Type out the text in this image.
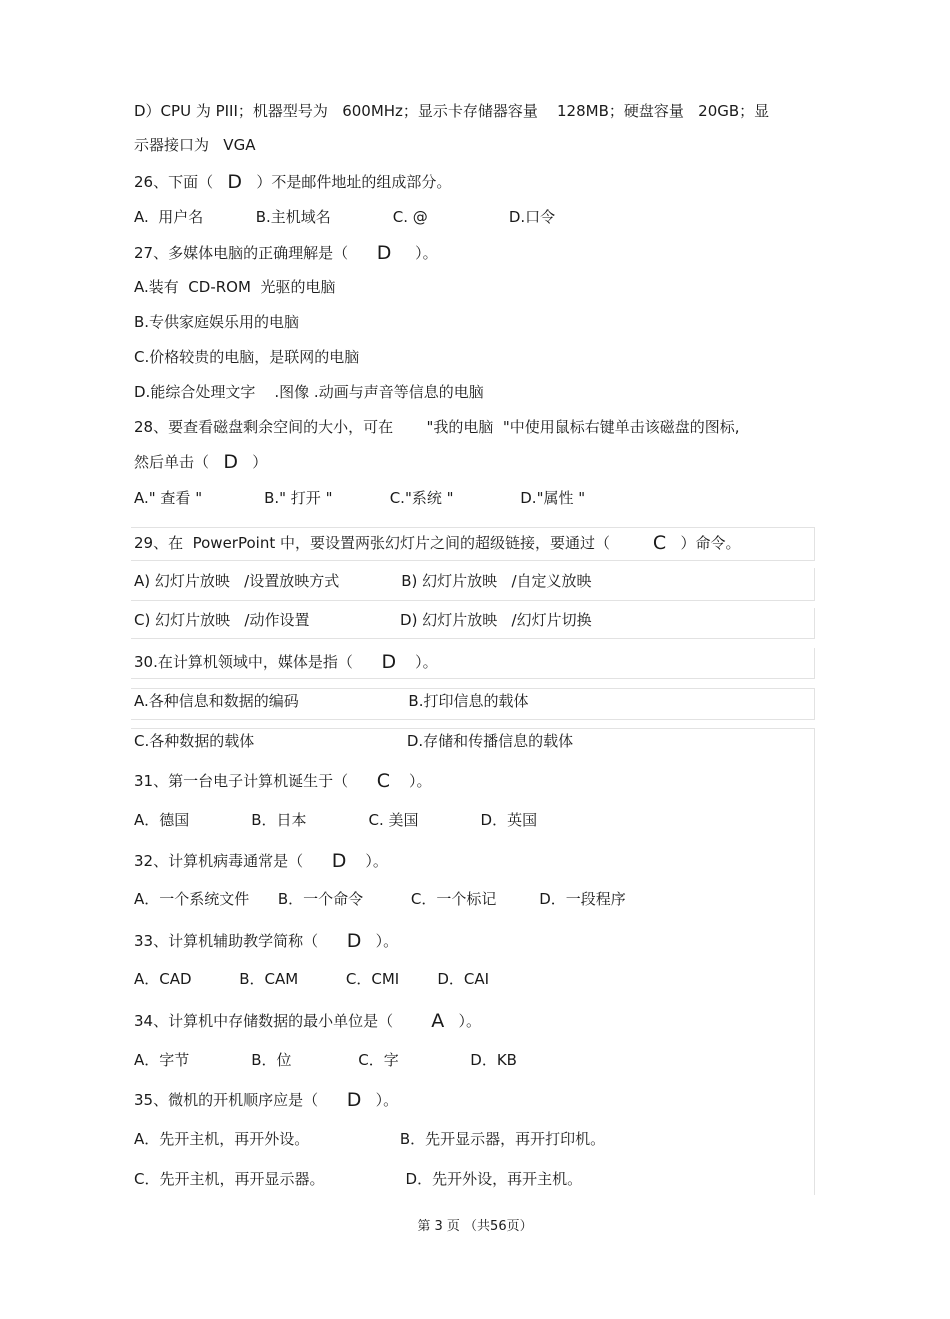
D）CPU 为 PIII；机器型号为   600MHz；显示卡存储器容量    128MB；硬盘容量   20GB；显
示器接口为   VGA
26、下面（   D   ）不是邮件地址的组成部分。
A.  用户名           B.主机域名             C. @                 D.口令
27、多媒体电脑的正确理解是（      D     ）。
A.装有  CD-ROM  光驱的电脑
B.专供家庭娱乐用的电脑
C.价格较贵的电脑，是联网的电脑
D.能综合处理文字    .图像 .动画与声音等信息的电脑
28、要查看磁盘剩余空间的大小，可在       "我的电脑  "中使用鼠标右键单击该磁盘的图标,
然后单击（   D   ）
A." 查看 "             B." 打开 "            C."系统 "              D."属性 "
29、在  PowerPoint 中，要设置两张幻灯片之间的超级链接，要通过（         C   ）命令。
A) 幻灯片放映   /设置放映方式             B) 幻灯片放映   /自定义放映
C) 幻灯片放映   /动作设置                   D) 幻灯片放映   /幻灯片切换
30.在计算机领域中，媒体是指（      D    ）。
A.各种信息和数据的编码                       B.打印信息的载体
C.各种数据的载体                                D.存储和传播信息的载体
31、第一台电子计算机诞生于（      C    ）。
A．德国             B．日本             C. 美国             D．英国
32、计算机病毒通常是（      D    ）。
A．一个系统文件      B．一个命令          C．一个标记         D．一段程序
33、计算机辅助教学简称（      D   ）。
A．CAD          B．CAM          C．CMI        D．CAI
34、计算机中存储数据的最小单位是（        A   ）。
A．字节             B．位              C．字               D．KB
35、微机的开机顺序应是（      D   ）。
A．先开主机，再开外设。                   B．先开显示器，再开打印机。
C．先开主机，再开显示器。                 D．先开外设，再开主机。
第 3 页 （共56页）
